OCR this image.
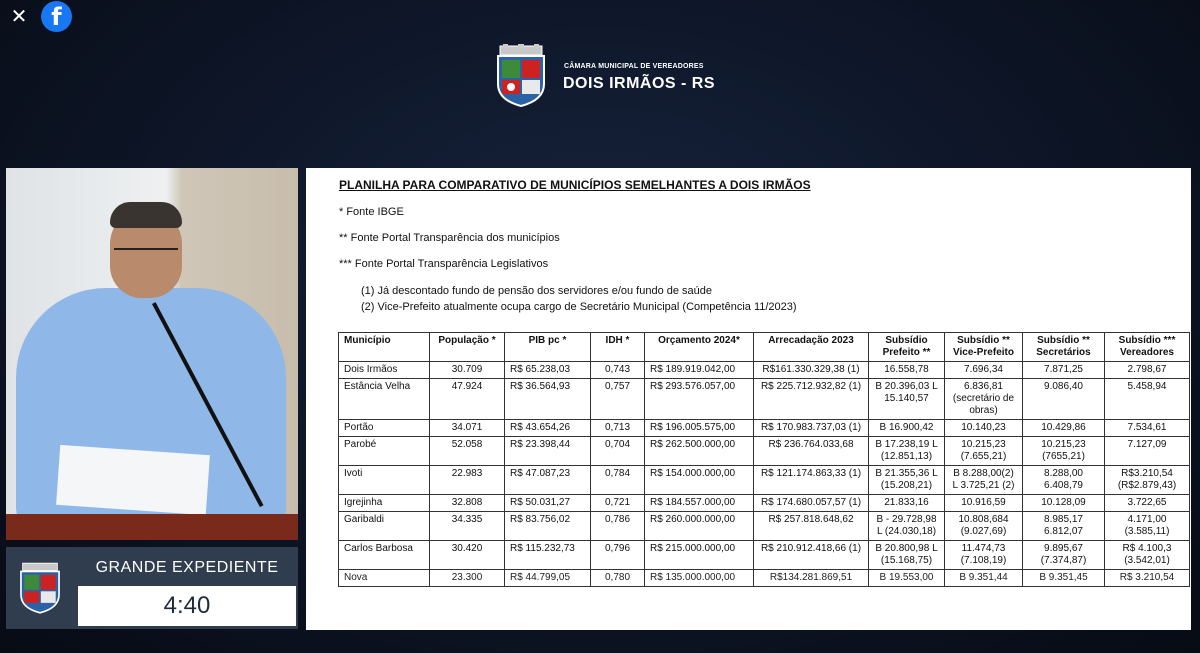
✕ f
CÂMARA MUNICIPAL DE VEREADORES
DOIS IRMÃOS - RS
PLANILHA PARA COMPARATIVO DE MUNICÍPIOS SEMELHANTES A DOIS IRMÃOS
* Fonte IBGE
** Fonte Portal Transparência dos municípios
*** Fonte Portal Transparência Legislativos
(1) Já descontado fundo de pensão dos servidores e/ou fundo de saúde
(2) Vice-Prefeito atualmente ocupa cargo de Secretário Municipal (Competência 11/2023)
Município	População *	PIB pc *	IDH *	Orçamento 2024*	Arrecadação 2023	Subsídio Prefeito **	Subsídio ** Vice-Prefeito	Subsídio ** Secretários	Subsídio *** Vereadores
Dois Irmãos	30.709	R$ 65.238,03	0,743	R$ 189.919.042,00	R$161.330.329,38 (1)	16.558,78	7.696,34	7.871,25	2.798,67
Estância Velha	47.924	R$ 36.564,93	0,757	R$ 293.576.057,00	R$ 225.712.932,82 (1)	B 20.396,03 L 15.140,57	6.836,81 (secretário de obras)	9.086,40	5.458,94
Portão	34.071	R$ 43.654,26	0,713	R$ 196.005.575,00	R$ 170.983.737,03 (1)	B 16.900,42	10.140,23	10.429,86	7.534,61
Parobé	52.058	R$ 23.398,44	0,704	R$ 262.500.000,00	R$ 236.764.033,68	B 17.238,19 L (12.851,13)	10.215,23 (7.655,21)	10.215,23 (7655,21)	7.127,09
Ivoti	22.983	R$ 47.087,23	0,784	R$ 154.000.000,00	R$ 121.174.863,33 (1)	B 21.355,36 L (15.208,21)	B 8.288,00(2) L 3.725,21 (2)	8.288,00 6.408,79	R$3.210,54 (R$2.879,43)
Igrejinha	32.808	R$ 50.031,27	0,721	R$ 184.557.000,00	R$ 174.680.057,57 (1)	21.833,16	10.916,59	10.128,09	3.722,65
Garibaldi	34.335	R$ 83.756,02	0,786	R$ 260.000.000,00	R$ 257.818.648,62	B - 29.728,98 L (24.030,18)	10.808,684 (9.027,69)	8.985,17 6.812,07	4.171,00 (3.585,11)
Carlos Barbosa	30.420	R$ 115.232,73	0,796	R$ 215.000.000,00	R$ 210.912.418,66 (1)	B 20.800,98 L (15.168,75)	11.474,73 (7.108,19)	9.895,67 (7.374,87)	R$ 4.100,3 (3.542,01)
Nova	23.300	R$ 44.799,05	0,780	R$ 135.000.000,00	R$134.281.869,51	B 19.553,00	B 9.351,44	B 9.351,45	R$ 3.210,54
GRANDE EXPEDIENTE
4:40
